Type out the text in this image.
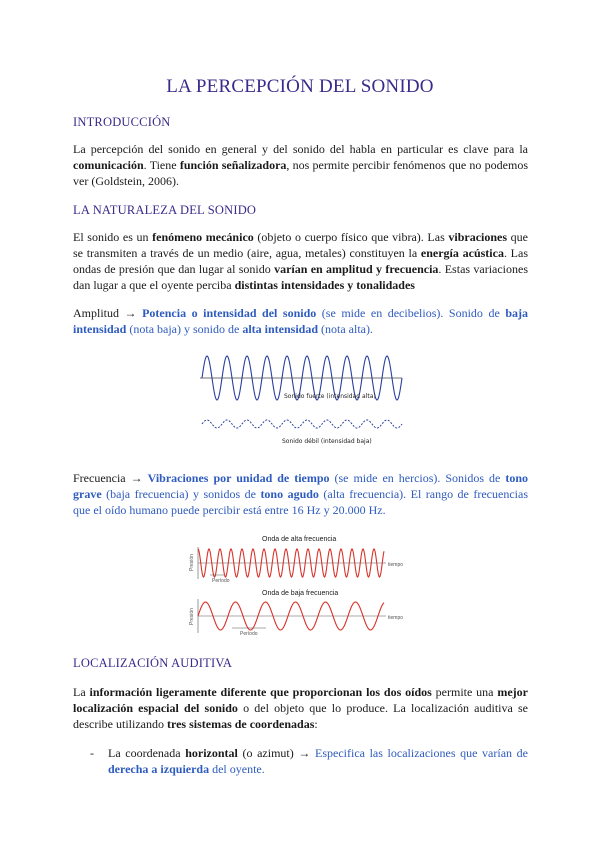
LA PERCEPCIÓN DEL SONIDO
INTRODUCCIÓN

La percepción del sonido en general y del sonido del habla en particular es clave para la comunicación. Tiene función señalizadora, nos permite percibir fenómenos que no podemos ver (Goldstein, 2006).

LA NATURALEZA DEL SONIDO

El sonido es un fenómeno mecánico (objeto o cuerpo físico que vibra). Las vibraciones que se transmiten a través de un medio (aire, agua, metales) constituyen la energía acústica. Las ondas de presión que dan lugar al sonido varían en amplitud y frecuencia. Estas variaciones dan lugar a que el oyente perciba distintas intensidades y tonalidades

Amplitud → Potencia o intensidad del sonido (se mide en decibelios). Sonido de baja intensidad (nota baja) y sonido de alta intensidad (nota alta).

Sonido fuerte (intensidad alta)
Sonido débil (intensidad baja)

Frecuencia → Vibraciones por unidad de tiempo (se mide en hercios). Sonidos de tono grave (baja frecuencia) y sonidos de tono agudo (alta frecuencia). El rango de frecuencias que el oído humano puede percibir está entre 16 Hz y 20.000 Hz.

Onda de alta frecuencia
Presión	tiempo
Período
Onda de baja frecuencia
Presión	tiempo
Período
LOCALIZACIÓN AUDITIVA

La información ligeramente diferente que proporcionan los dos oídos permite una mejor localización espacial del sonido o del objeto que lo produce. La localización auditiva se describe utilizando tres sistemas de coordenadas:

- La coordenada horizontal (o azimut) → Especifica las localizaciones que varían de derecha a izquierda del oyente.
